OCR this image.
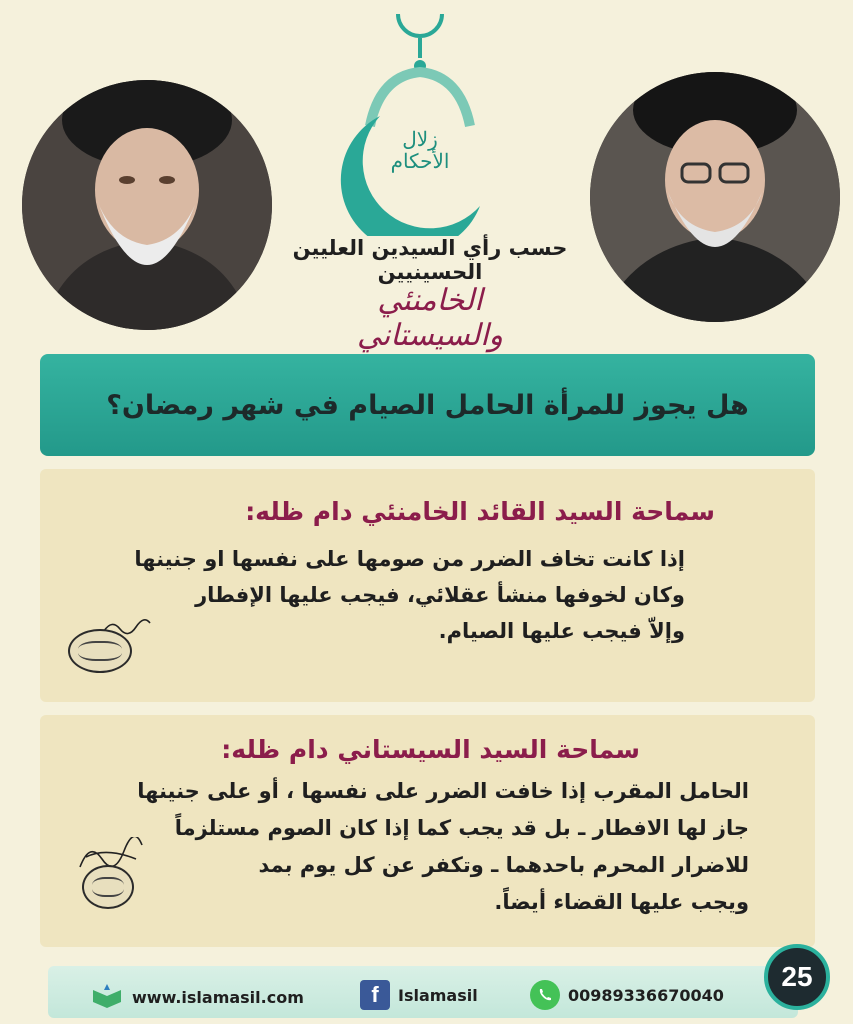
زلال الأحكام
حسب رأي السيدين العليين الحسينيين
الخامنئي والسيستاني
هل يجوز للمرأة الحامل الصيام في شهر رمضان؟
سماحة السيد القائد الخامنئي دام ظله:
إذا كانت تخاف الضرر من صومها على نفسها او جنينها
وكان لخوفها منشأ عقلائي، فيجب عليها الإفطار
وإلاّ فيجب عليها الصيام.
سماحة السيد السيستاني دام ظله:
الحامل المقرب إذا خافت الضرر على نفسها ، أو على جنينها
جاز لها الافطار ـ بل قد يجب كما إذا كان الصوم مستلزماً
للاضرار المحرم باحدهما ـ وتكفر عن كل يوم بمد
ويجب عليها القضاء أيضاً.
www.islamasil.com	f	Islamasil	00989336670040
25
